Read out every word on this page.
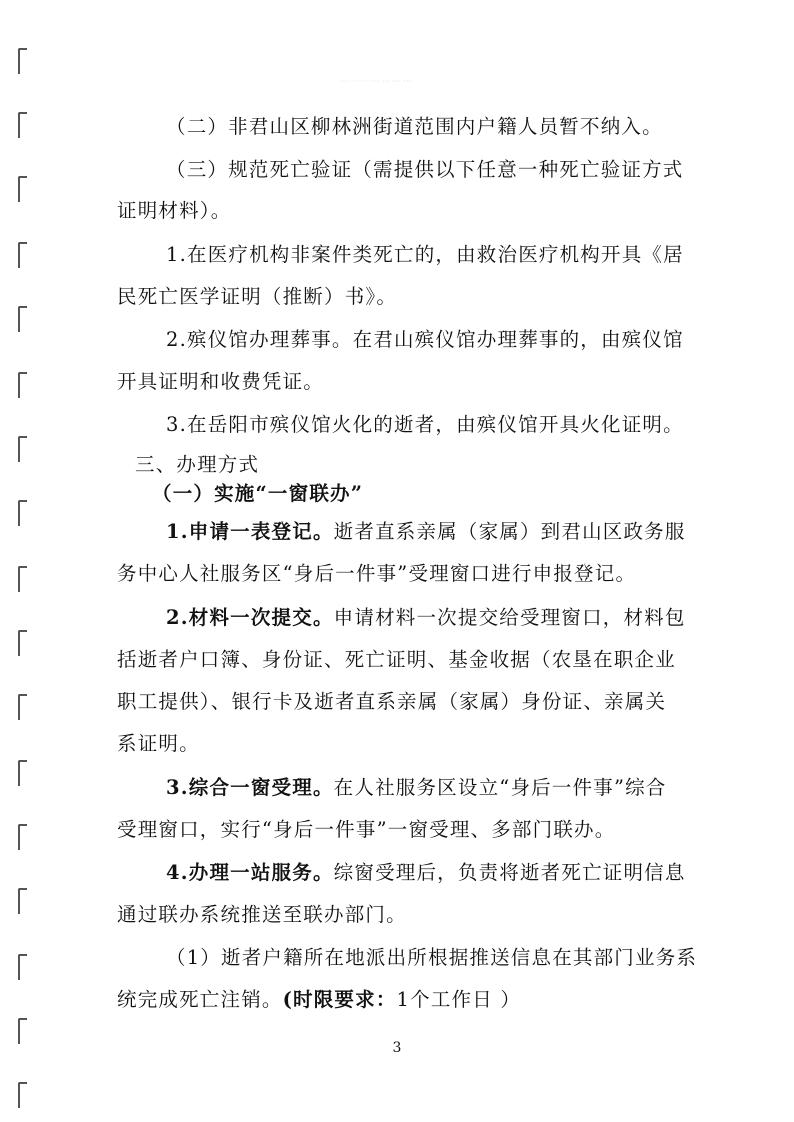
┄┄┄┄┄┄┄
（二）非君山区柳林洲街道范围内户籍人员暂不纳入。
（三）规范死亡验证（需提供以下任意一种死亡验证方式
证明材料）。
1.在医疗机构非案件类死亡的，由救治医疗机构开具《居
民死亡医学证明（推断）书》。
2.殡仪馆办理葬事。在君山殡仪馆办理葬事的，由殡仪馆
开具证明和收费凭证。
3.在岳阳市殡仪馆火化的逝者，由殡仪馆开具火化证明。
三、办理方式
（一）实施“一窗联办”
1.申请一表登记。逝者直系亲属（家属）到君山区政务服
务中心人社服务区“身后一件事”受理窗口进行申报登记。
2.材料一次提交。申请材料一次提交给受理窗口，材料包
括逝者户口簿、身份证、死亡证明、基金收据（农垦在职企业
职工提供）、银行卡及逝者直系亲属（家属）身份证、亲属关
系证明。
3.综合一窗受理。在人社服务区设立“身后一件事”综合
受理窗口，实行“身后一件事”一窗受理、多部门联办。
4.办理一站服务。综窗受理后，负责将逝者死亡证明信息
通过联办系统推送至联办部门。
（1）逝者户籍所在地派出所根据推送信息在其部门业务系
统完成死亡注销。(时限要求：1个工作日 ）
3
